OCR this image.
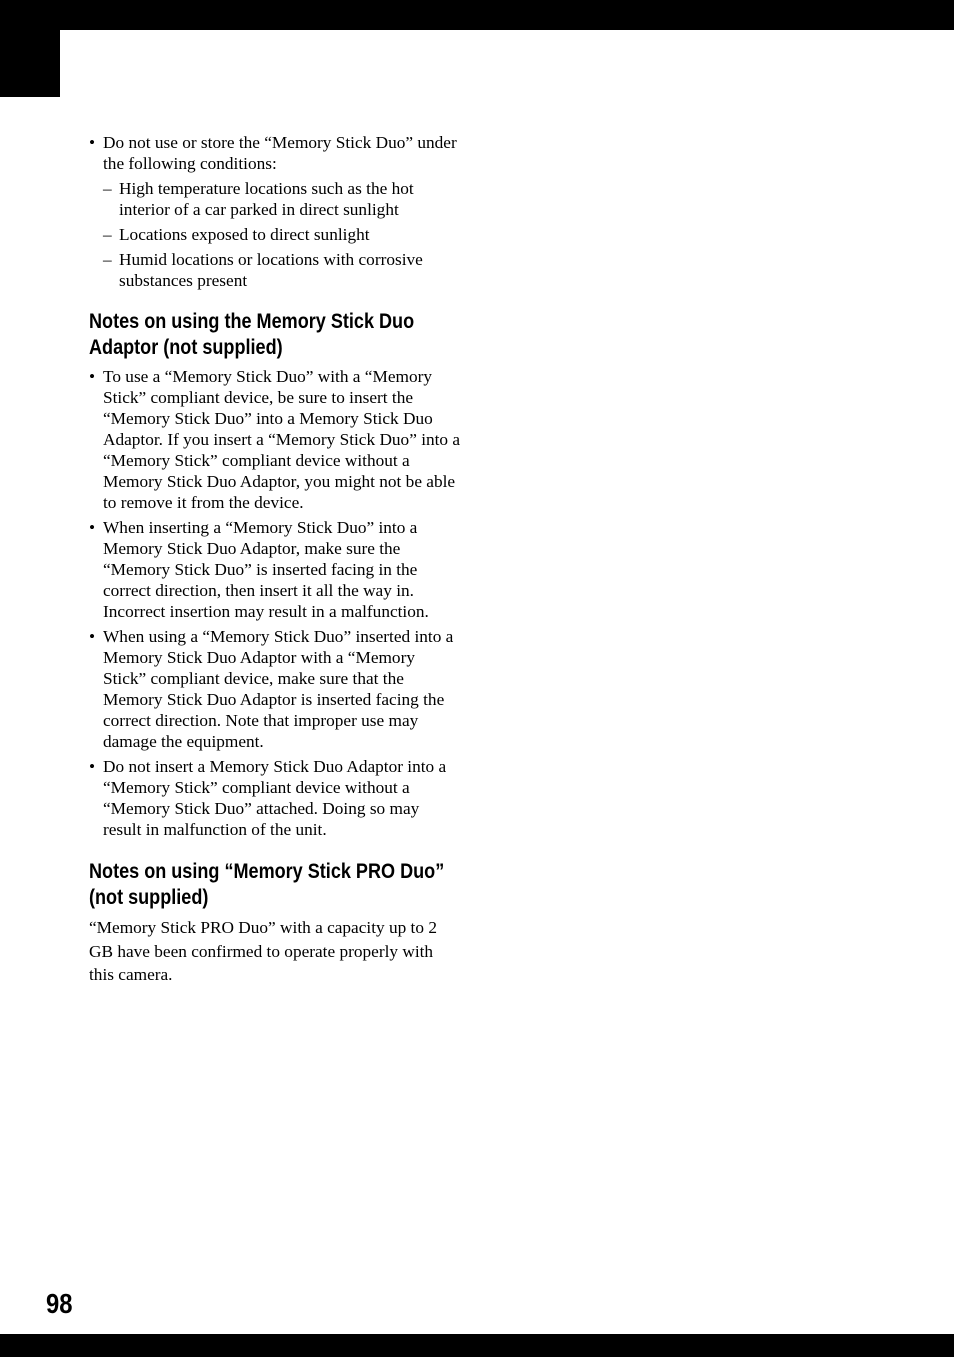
• Do not use or store the “Memory Stick Duo” under the following conditions:
– High temperature locations such as the hot interior of a car parked in direct sunlight
– Locations exposed to direct sunlight
– Humid locations or locations with corrosive substances present
Notes on using the Memory Stick Duo Adaptor (not supplied)
• To use a “Memory Stick Duo” with a “Memory Stick” compliant device, be sure to insert the “Memory Stick Duo” into a Memory Stick Duo Adaptor. If you insert a “Memory Stick Duo” into a “Memory Stick” compliant device without a Memory Stick Duo Adaptor, you might not be able to remove it from the device.
• When inserting a “Memory Stick Duo” into a Memory Stick Duo Adaptor, make sure the “Memory Stick Duo” is inserted facing in the correct direction, then insert it all the way in. Incorrect insertion may result in a malfunction.
• When using a “Memory Stick Duo” inserted into a Memory Stick Duo Adaptor with a “Memory Stick” compliant device, make sure that the Memory Stick Duo Adaptor is inserted facing the correct direction. Note that improper use may damage the equipment.
• Do not insert a Memory Stick Duo Adaptor into a “Memory Stick” compliant device without a “Memory Stick Duo” attached. Doing so may result in malfunction of the unit.
Notes on using “Memory Stick PRO Duo” (not supplied)

“Memory Stick PRO Duo” with a capacity up to 2 GB have been confirmed to operate properly with this camera.

98
